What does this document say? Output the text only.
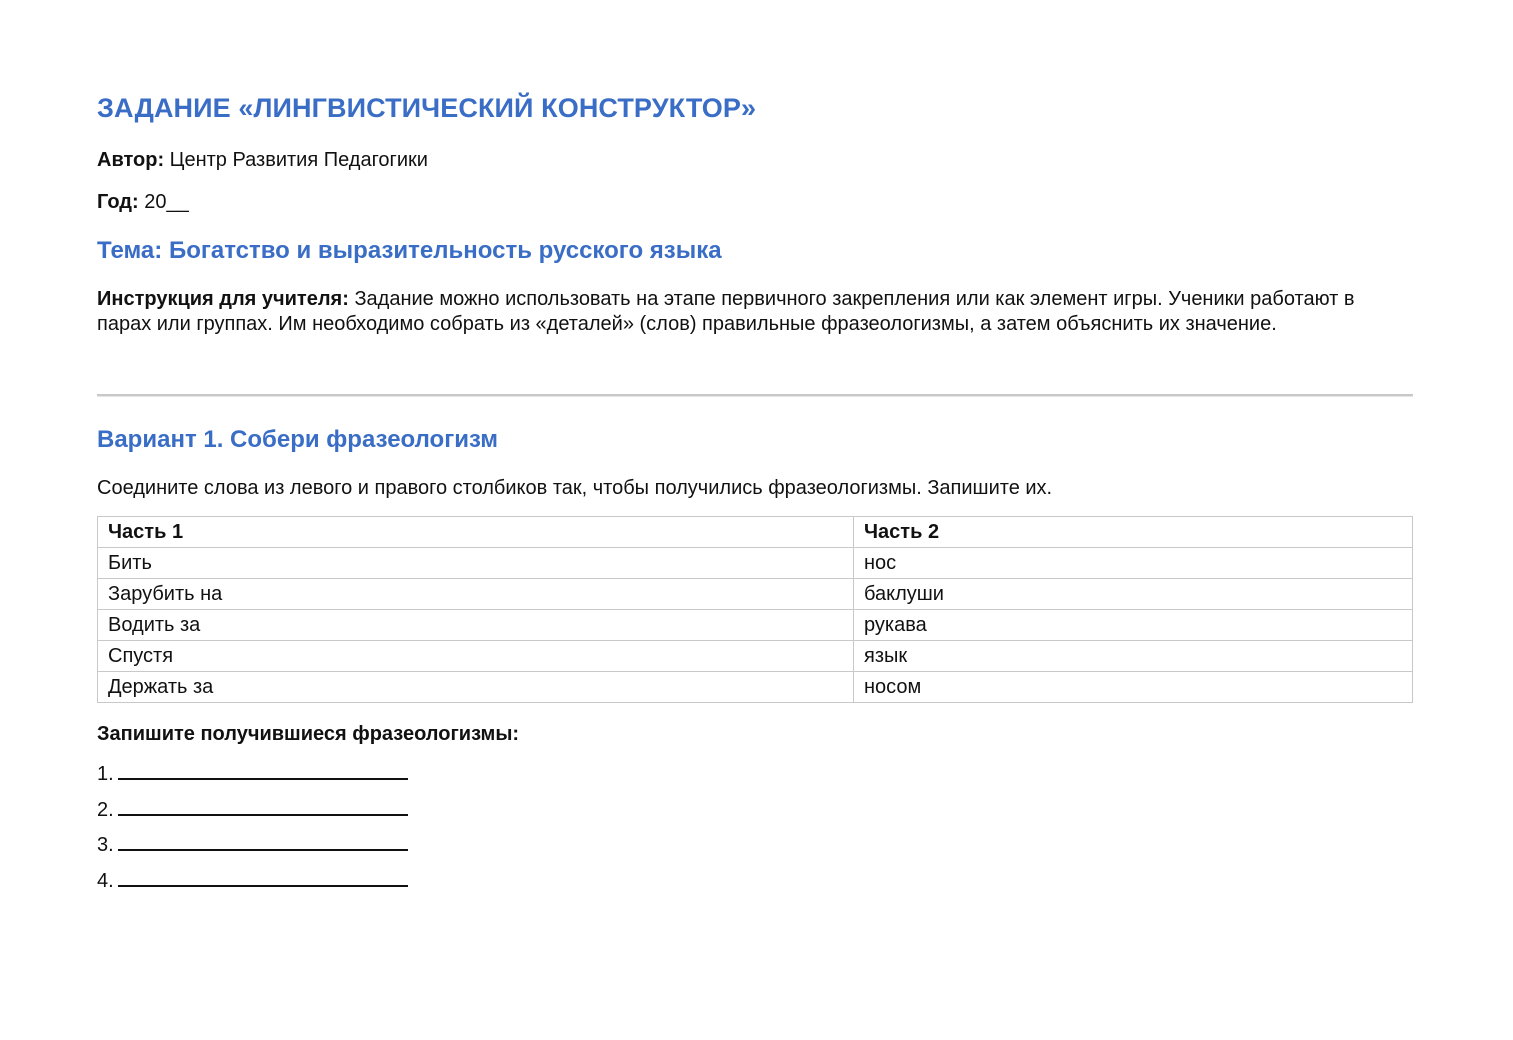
ЗАДАНИЕ «ЛИНГВИСТИЧЕСКИЙ КОНСТРУКТОР»
Автор: Центр Развития Педагогики
Год: 20__
Тема: Богатство и выразительность русского языка

Инструкция для учителя: Задание можно использовать на этапе первичного закрепления или как элемент игры. Ученики работают в парах или группах. Им необходимо собрать из «деталей» (слов) правильные фразеологизмы, а затем объяснить их значение.

Вариант 1. Собери фразеологизм

Соедините слова из левого и правого столбиков так, чтобы получились фразеологизмы. Запишите их.

Часть 1	Часть 2
Бить	нос
Зарубить на	баклуши
Водить за	рукава
Спустя	язык
Держать за	носом

Запишите получившиеся фразеологизмы:

1.
2.
3.
4.
